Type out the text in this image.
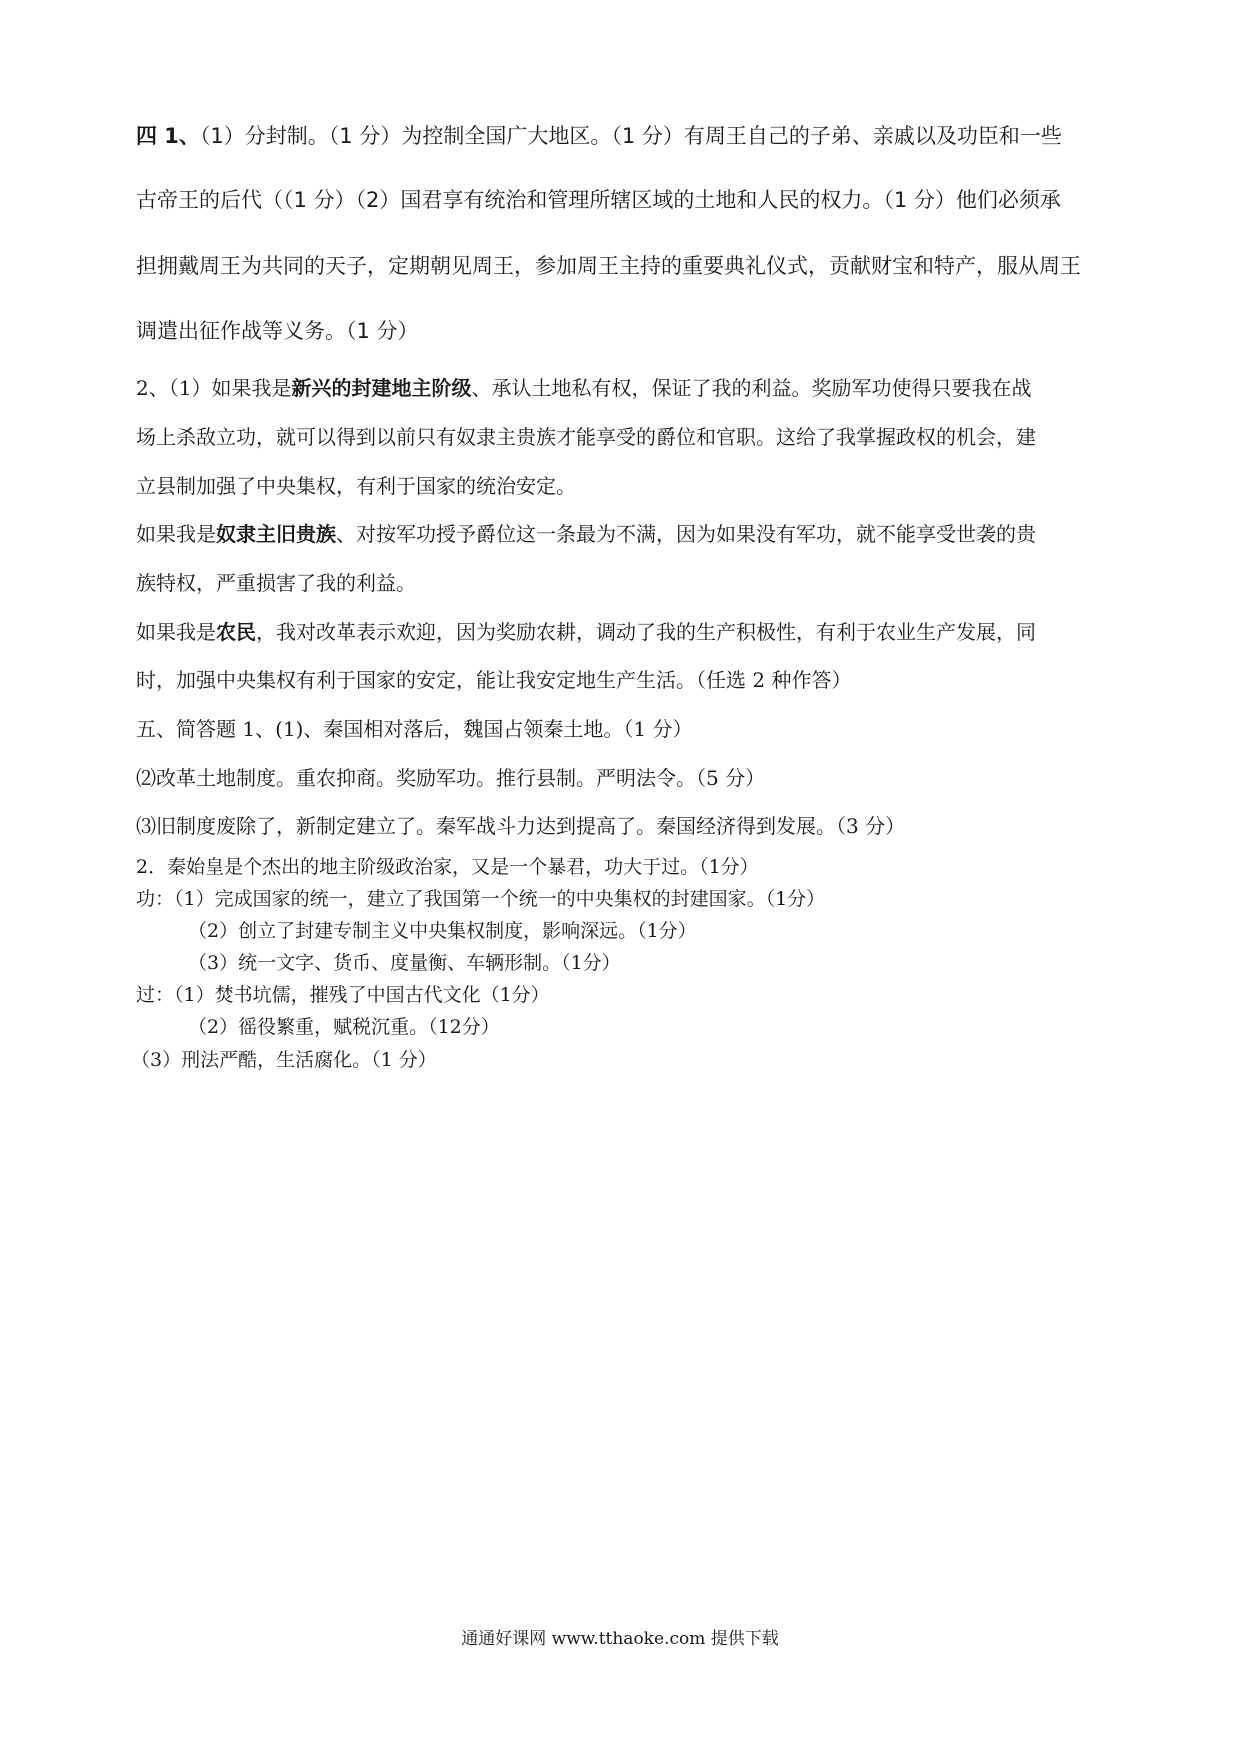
四 1、（1）分封制。（1 分）为控制全国广大地区。（1 分）有周王自己的子弟、亲戚以及功臣和一些
古帝王的后代（（1 分）（2）国君享有统治和管理所辖区域的土地和人民的权力。（1 分）他们必须承
担拥戴周王为共同的天子，定期朝见周王，参加周王主持的重要典礼仪式，贡献财宝和特产，服从周王
调遣出征作战等义务。（1 分）
2、（1）如果我是新兴的封建地主阶级、承认土地私有权，保证了我的利益。奖励军功使得只要我在战
场上杀敌立功，就可以得到以前只有奴隶主贵族才能享受的爵位和官职。这给了我掌握政权的机会，建
立县制加强了中央集权，有利于国家的统治安定。
如果我是奴隶主旧贵族、对按军功授予爵位这一条最为不满，因为如果没有军功，就不能享受世袭的贵
族特权，严重损害了我的利益。
如果我是农民，我对改革表示欢迎，因为奖励农耕，调动了我的生产积极性，有利于农业生产发展，同
时，加强中央集权有利于国家的安定，能让我安定地生产生活。（任选 2 种作答）
五、简答题 1、(1)、秦国相对落后，魏国占领秦土地。（1 分）
⑵改革土地制度。重农抑商。奖励军功。推行县制。严明法令。（5 分）
⑶旧制度废除了，新制定建立了。秦军战斗力达到提高了。秦国经济得到发展。（3 分）
2．秦始皇是个杰出的地主阶级政治家，又是一个暴君，功大于过。（1分）
功：（1）完成国家的统一，建立了我国第一个统一的中央集权的封建国家。（1分）
（2）创立了封建专制主义中央集权制度，影响深远。（1分）
（3）统一文字、货币、度量衡、车辆形制。（1分）
过：（1）焚书坑儒，摧残了中国古代文化（1分）
（2）徭役繁重，赋税沉重。（12分）
（3）刑法严酷，生活腐化。（1 分）
通通好课网 www.tthaoke.com 提供下载
